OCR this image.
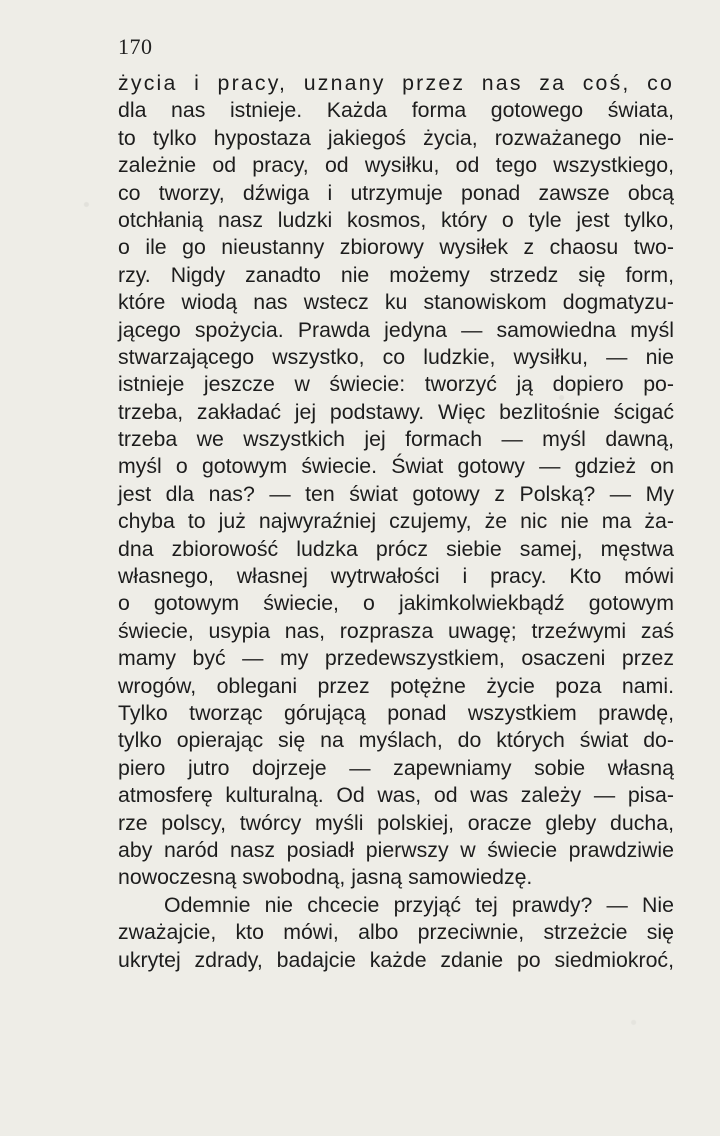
170
życia i pracy, uznany przez nas za coś, co
dla nas istnieje. Każda forma gotowego świata,
to tylko hypostaza jakiegoś życia, rozważanego nie-
zależnie od pracy, od wysiłku, od tego wszystkiego,
co tworzy, dźwiga i utrzymuje ponad zawsze obcą
otchłanią nasz ludzki kosmos, który o tyle jest tylko,
o ile go nieustanny zbiorowy wysiłek z chaosu two-
rzy. Nigdy zanadto nie możemy strzedz się form,
które wiodą nas wstecz ku stanowiskom dogmatyzu-
jącego spożycia. Prawda jedyna — samowiedna myśl
stwarzającego wszystko, co ludzkie, wysiłku, — nie
istnieje jeszcze w świecie: tworzyć ją dopiero po-
trzeba, zakładać jej podstawy. Więc bezlitośnie ścigać
trzeba we wszystkich jej formach — myśl dawną,
myśl o gotowym świecie. Świat gotowy — gdzież on
jest dla nas? — ten świat gotowy z Polską? — My
chyba to już najwyraźniej czujemy, że nic nie ma ża-
dna zbiorowość ludzka prócz siebie samej, męstwa
własnego, własnej wytrwałości i pracy. Kto mówi
o gotowym świecie, o jakimkolwiekbądź gotowym
świecie, usypia nas, rozprasza uwagę; trzeźwymi zaś
mamy być — my przedewszystkiem, osaczeni przez
wrogów, oblegani przez potężne życie poza nami.
Tylko tworząc górującą ponad wszystkiem prawdę,
tylko opierając się na myślach, do których świat do-
piero jutro dojrzeje — zapewniamy sobie własną
atmosferę kulturalną. Od was, od was zależy — pisa-
rze polscy, twórcy myśli polskiej, oracze gleby ducha,
aby naród nasz posiadł pierwszy w świecie prawdziwie
nowoczesną swobodną, jasną samowiedzę.
Odemnie nie chcecie przyjąć tej prawdy? — Nie
zważajcie, kto mówi, albo przeciwnie, strzeżcie się
ukrytej zdrady, badajcie każde zdanie po siedmiokroć,
